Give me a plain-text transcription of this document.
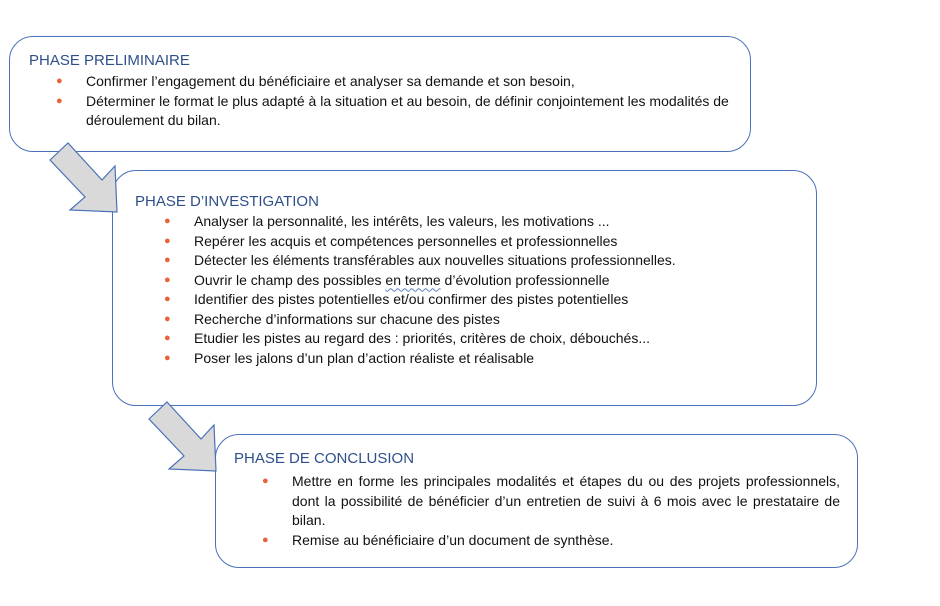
PHASE PRELIMINAIRE
● Confirmer l’engagement du bénéficiaire et analyser sa demande et son besoin,
● Déterminer le format le plus adapté à la situation et au besoin, de définir conjointement les modalités de déroulement du bilan.
PHASE D’INVESTIGATION
● Analyser la personnalité, les intérêts, les valeurs, les motivations ...
● Repérer les acquis et compétences personnelles et professionnelles
● Détecter les éléments transférables aux nouvelles situations professionnelles.
● Ouvrir le champ des possibles en terme d’évolution professionnelle
● Identifier des pistes potentielles et/ou confirmer des pistes potentielles
● Recherche d’informations sur chacune des pistes
● Etudier les pistes au regard des : priorités, critères de choix, débouchés...
● Poser les jalons d’un plan d’action réaliste et réalisable
PHASE DE CONCLUSION
● Mettre en forme les principales modalités et étapes du ou des projets professionnels, dont la possibilité de bénéficier d’un entretien de suivi à 6 mois avec le prestataire de bilan.
● Remise au bénéficiaire d’un document de synthèse.
